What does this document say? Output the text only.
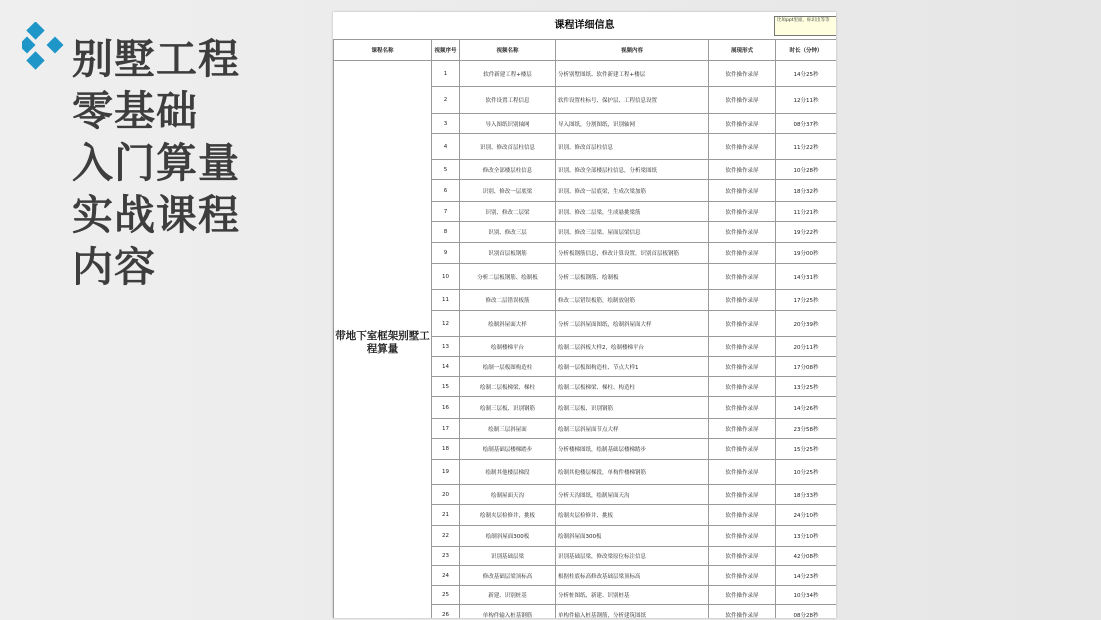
别墅工程
零基础
入门算量
实战课程
内容
课程详细信息	比如ppt里面，标识出等等
课程名称	视频序号	视频名称	视频内容	展现形式	时长（分钟）
带地下室框架别墅工程算量	1	软件新建工程+楼层	分析别墅图纸、软件新建工程+楼层	软件操作录屏	14分25秒
	2	软件设置工程信息	软件设置柱标号、保护层、工程信息设置	软件操作录屏	12分11秒
	3	导入图纸识别轴网	导入图纸，分割图纸，识别轴网	软件操作录屏	08分37秒
	4	识别、修改首层柱信息	识别、修改首层柱信息	软件操作录屏	11分22秒
	5	修改全部楼层柱信息	识别、修改全部楼层柱信息，分析梁图纸	软件操作录屏	10分28秒
	6	识别、修改一层底梁	识别、修改一层底梁，生成次梁加筋	软件操作录屏	18分32秒
	7	识别、修改二层梁	识别、修改二层梁，生成悬挑梁筋	软件操作录屏	11分21秒
	8	识别、修改三层	识别、修改三层梁、屋面层梁信息	软件操作录屏	19分22秒
	9	识别首层板钢筋	分析板钢筋信息，修改计算设置，识别首层板钢筋	软件操作录屏	19分00秒
	10	分析二层板钢筋、绘制板	分析二层板钢筋、绘制板	软件操作录屏	14分31秒
	11	修改二层错误板筋	修改二层错误板筋，绘制放射筋	软件操作录屏	17分25秒
	12	绘制斜屋面大样	分析二层斜屋面图纸，绘制斜屋面大样	软件操作录屏	20分39秒
	13	绘制楼梯平台	绘制二层斜板大样2，绘制楼梯平台	软件操作录屏	20分11秒
	14	绘制一层板图构造柱	绘制一层板图构造柱、节点大样1	软件操作录屏	17分08秒
	15	绘制二层板梯梁、梯柱	绘制二层板梯梁、梯柱、构造柱	软件操作录屏	13分25秒
	16	绘制三层板、识别钢筋	绘制三层板、识别钢筋	软件操作录屏	14分26秒
	17	绘制三层斜屋面	绘制三层斜屋面节点大样	软件操作录屏	23分58秒
	18	绘制基础层楼梯踏步	分析楼梯图纸，绘制基础层楼梯踏步	软件操作录屏	15分25秒
	19	绘制其他楼层梯段	绘制其他楼层梯段，单构件楼梯钢筋	软件操作录屏	10分25秒
	20	绘制屋面天沟	分析天沟图纸，绘制屋面天沟	软件操作录屏	18分33秒
	21	绘制夹层检修井，挑板	绘制夹层检修井、挑板	软件操作录屏	24分10秒
	22	绘制斜屋面300板	绘制斜屋面300板	软件操作录屏	13分10秒
	23	识别基础层梁	识别基础层梁，修改梁原位标注信息	软件操作录屏	42分08秒
	24	修改基础层梁顶标高	根据柱底标高修改基础层梁顶标高	软件操作录屏	14分23秒
	25	新建、识别桩基	分析桩图纸、新建、识别桩基	软件操作录屏	10分34秒
	26	单构件输入桩基钢筋	单构件输入桩基钢筋，分析建筑图纸	软件操作录屏	08分28秒
